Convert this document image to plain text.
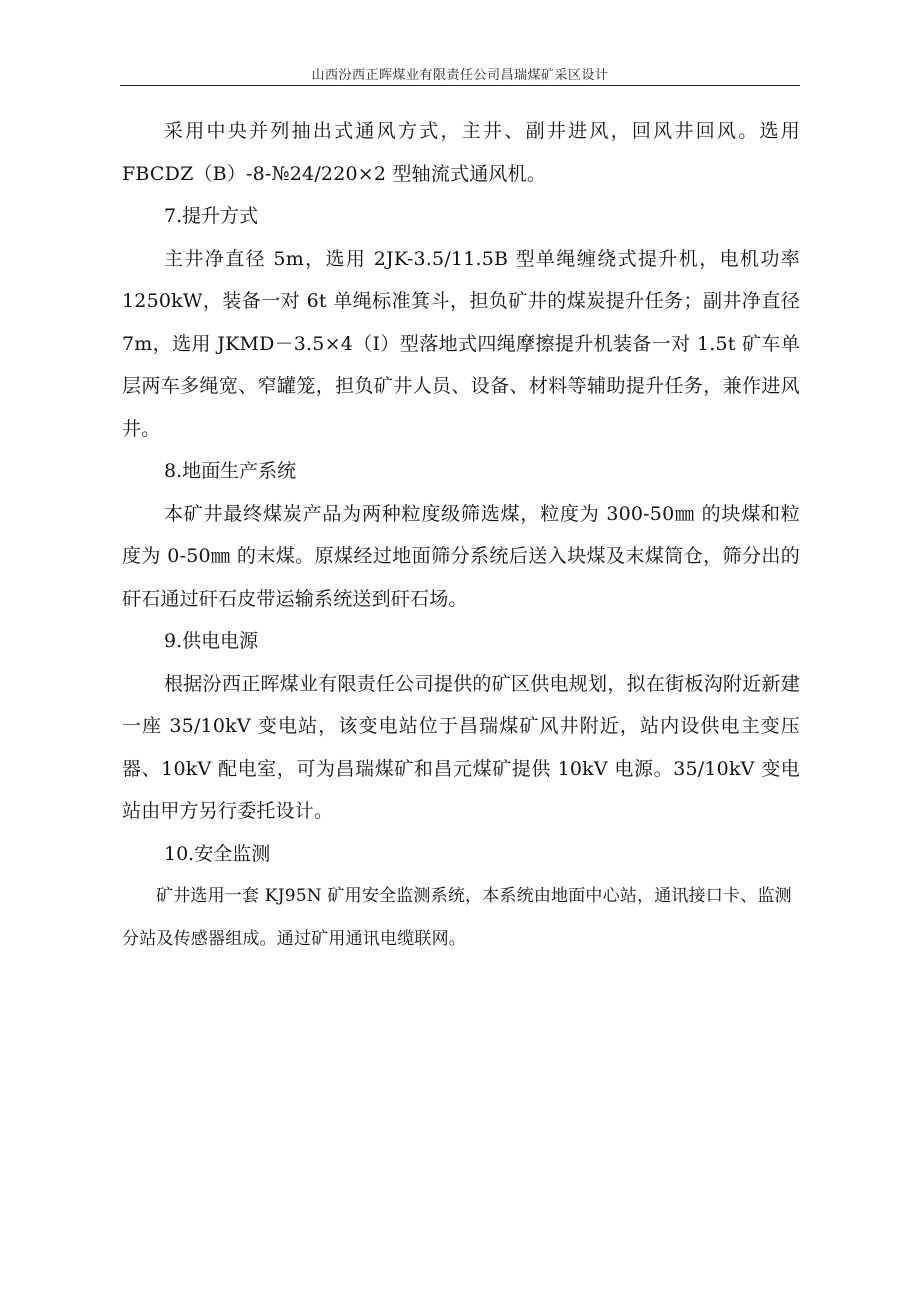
山西汾西正晖煤业有限责任公司昌瑞煤矿采区设计

采用中央并列抽出式通风方式，主井、副井进风，回风井回风。选用 FBCDZ（B）-8-№24/220×2 型轴流式通风机。

7.提升方式

主井净直径 5m，选用 2JK-3.5/11.5B 型单绳缠绕式提升机，电机功率 1250kW，装备一对 6t 单绳标准箕斗，担负矿井的煤炭提升任务；副井净直径 7m，选用 JKMD－3.5×4（I）型落地式四绳摩擦提升机装备一对 1.5t 矿车单层两车多绳宽、窄罐笼，担负矿井人员、设备、材料等辅助提升任务，兼作进风井。

8.地面生产系统

本矿井最终煤炭产品为两种粒度级筛选煤，粒度为 300-50㎜ 的块煤和粒度为 0-50㎜ 的末煤。原煤经过地面筛分系统后送入块煤及末煤筒仓，筛分出的矸石通过矸石皮带运输系统送到矸石场。

9.供电电源

根据汾西正晖煤业有限责任公司提供的矿区供电规划，拟在街板沟附近新建一座 35/10kV 变电站，该变电站位于昌瑞煤矿风井附近，站内设供电主变压器、10kV 配电室，可为昌瑞煤矿和昌元煤矿提供 10kV 电源。35/10kV 变电站由甲方另行委托设计。

10.安全监测

矿井选用一套 KJ95N 矿用安全监测系统，本系统由地面中心站，通讯接口卡、监测分站及传感器组成。通过矿用通讯电缆联网。
